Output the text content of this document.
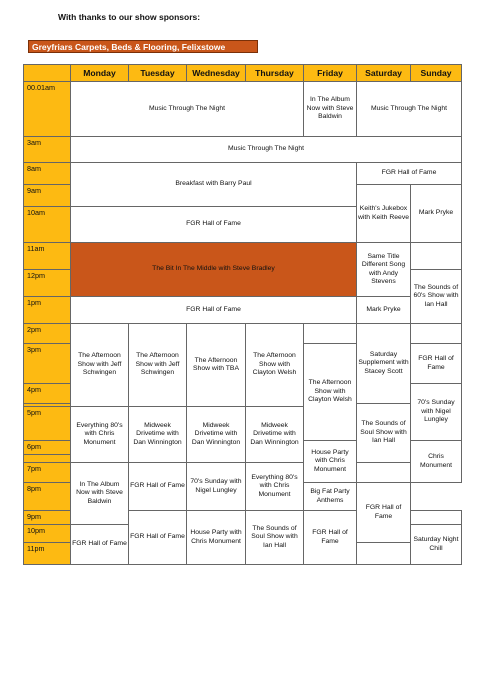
With thanks to our show sponsors:
Greyfriars Carpets, Beds & Flooring, Felixstowe
	Monday	Tuesday	Wednesday	Thursday	Friday	Saturday	Sunday	
00.01am	Music Through The Night				In The Album Now with Steve Baldwin	Music Through The Night		

3am	Music Through The Night							

8am	Breakfast with Barry Paul					FGR Hall of Fame		
9am						Keith's Jukebox with Keith Reeve	Mark Pryke	
10am	FGR Hall of Fame							
11am	The Bit In The Middle with Steve Bradley					Same Title Different Song with Andy Stevens		
12pm							The Sounds of 60's Show with Ian Hall	
1pm	FGR Hall of Fame					Mark Pryke		
2pm	The Afternoon Show with Jeff Schwingen	The Afternoon Show with Jeff Schwingen	The Afternoon Show with TBA	The Afternoon Show with Clayton Welsh		Saturday Supplement with Stacey Scott		
3pm					The Afternoon Show with Clayton Welsh		FGR Hall of Fame	
4pm							70's Sunday with Nigel Lungley	
						The Sounds of Soul Show with Ian Hall		
5pm	Everything 80's with Chris Monument	Midweek Drivetime with Dan Winnington	Midweek Drivetime with Dan Winnington	Midweek Drivetime with Dan Winnington				
6pm					House Party with Chris Monument		Chris Monument	

7pm	In The Album Now with Steve Baldwin	FGR Hall of Fame	70's Sunday with Nigel Lungley	Everything 80's with Chris Monument				
8pm					Big Fat Party Anthems	FGR Hall of Fame		
9pm		FGR Hall of Fame	House Party with Chris Monument	The Sounds of Soul Show with Ian Hall	FGR Hall of Fame			
10pm	FGR Hall of Fame						Saturday Night Chill	
11pm								
